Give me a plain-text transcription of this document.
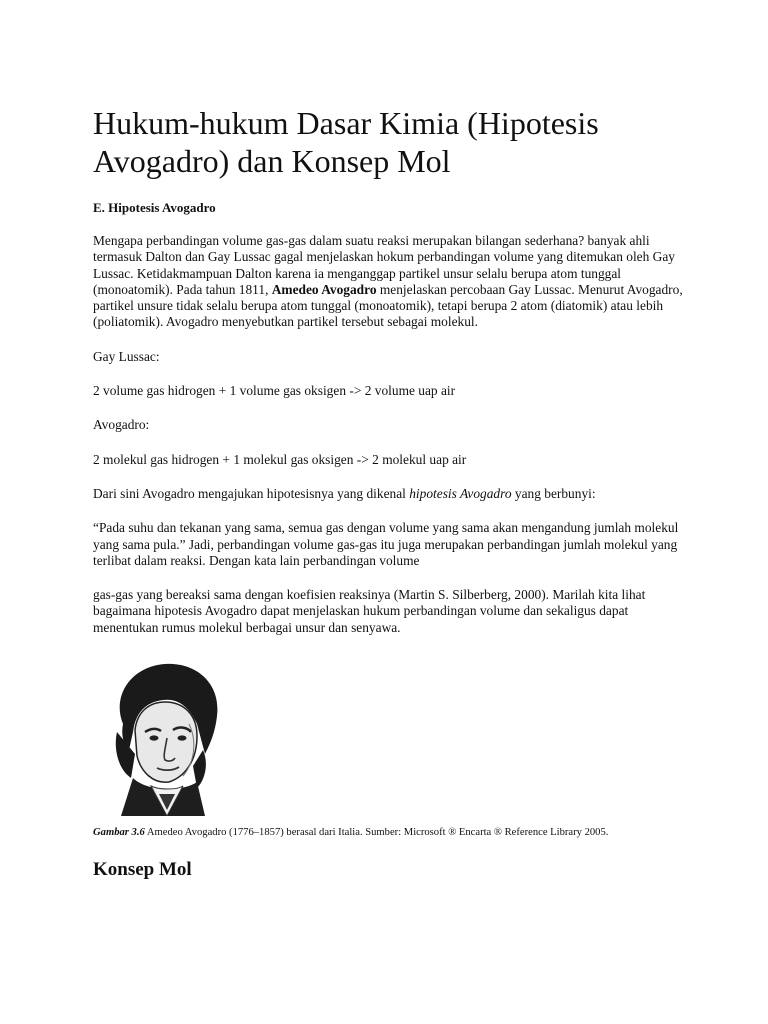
Hukum-hukum Dasar Kimia (Hipotesis Avogadro) dan Konsep Mol
E. Hipotesis Avogadro

Mengapa perbandingan volume gas-gas dalam suatu reaksi merupakan bilangan sederhana? banyak ahli termasuk Dalton dan Gay Lussac gagal menjelaskan hokum perbandingan volume yang ditemukan oleh Gay Lussac. Ketidakmampuan Dalton karena ia menganggap partikel unsur selalu berupa atom tunggal (monoatomik). Pada tahun 1811, Amedeo Avogadro menjelaskan percobaan Gay Lussac. Menurut Avogadro, partikel unsure tidak selalu berupa atom tunggal (monoatomik), tetapi berupa 2 atom (diatomik) atau lebih (poliatomik). Avogadro menyebutkan partikel tersebut sebagai molekul.

Gay Lussac:

2 volume gas hidrogen + 1 volume gas oksigen -> 2 volume uap air

Avogadro:

2 molekul gas hidrogen + 1 molekul gas oksigen -> 2 molekul uap air

Dari sini Avogadro mengajukan hipotesisnya yang dikenal hipotesis Avogadro yang berbunyi:

“Pada suhu dan tekanan yang sama, semua gas dengan volume yang sama akan mengandung jumlah molekul yang sama pula.” Jadi, perbandingan volume gas-gas itu juga merupakan perbandingan jumlah molekul yang terlibat dalam reaksi. Dengan kata lain perbandingan volume

gas-gas yang bereaksi sama dengan koefisien reaksinya (Martin S. Silberberg, 2000). Marilah kita lihat bagaimana hipotesis Avogadro dapat menjelaskan hukum perbandingan volume dan sekaligus dapat menentukan rumus molekul berbagai unsur dan senyawa.

Gambar 3.6 Amedeo Avogadro (1776–1857) berasal dari Italia. Sumber: Microsoft ® Encarta ® Reference Library 2005.
Konsep Mol
